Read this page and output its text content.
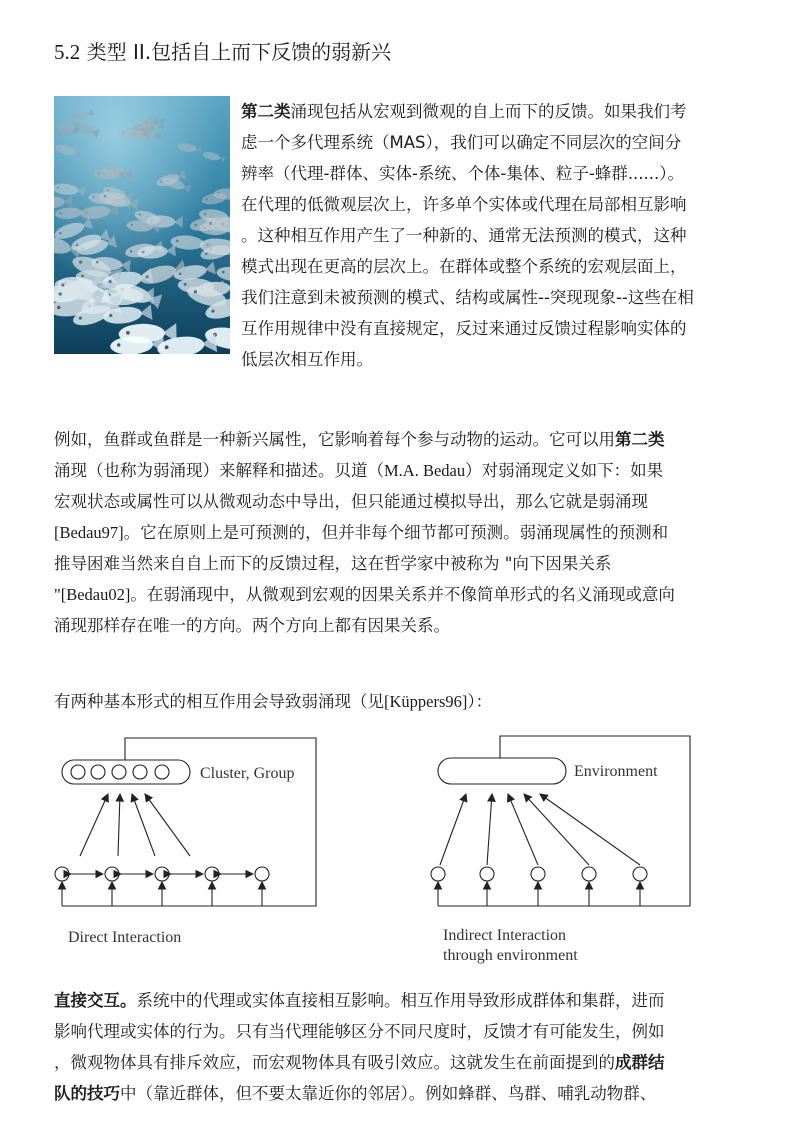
5.2 类型 II.包括自上而下反馈的弱新兴
第二类涌现包括从宏观到微观的自上而下的反馈。如果我们考
虑一个多代理系统（MAS），我们可以确定不同层次的空间分
辨率（代理-群体、实体-系统、个体-集体、粒子-蜂群......）。
在代理的低微观层次上，许多单个实体或代理在局部相互影响
。这种相互作用产生了一种新的、通常无法预测的模式，这种
模式出现在更高的层次上。在群体或整个系统的宏观层面上，
我们注意到未被预测的模式、结构或属性--突现现象--这些在相
互作用规律中没有直接规定，反过来通过反馈过程影响实体的
低层次相互作用。
例如，鱼群或鱼群是一种新兴属性，它影响着每个参与动物的运动。它可以用第二类
涌现（也称为弱涌现）来解释和描述。贝道（M.A. Bedau）对弱涌现定义如下：如果
宏观状态或属性可以从微观动态中导出，但只能通过模拟导出，那么它就是弱涌现
[Bedau97]。它在原则上是可预测的，但并非每个细节都可预测。弱涌现属性的预测和
推导困难当然来自自上而下的反馈过程，这在哲学家中被称为 "向下因果关系
"[Bedau02]。在弱涌现中，从微观到宏观的因果关系并不像简单形式的名义涌现或意向
涌现那样存在唯一的方向。两个方向上都有因果关系。
有两种基本形式的相互作用会导致弱涌现（见[Küppers96]）：
Cluster, Group
Direct Interaction
Environment
Indirect Interaction
through environment
直接交互。系统中的代理或实体直接相互影响。相互作用导致形成群体和集群，进而
影响代理或实体的行为。只有当代理能够区分不同尺度时，反馈才有可能发生，例如
，微观物体具有排斥效应，而宏观物体具有吸引效应。这就发生在前面提到的成群结
队的技巧中（靠近群体，但不要太靠近你的邻居）。例如蜂群、鸟群、哺乳动物群、
